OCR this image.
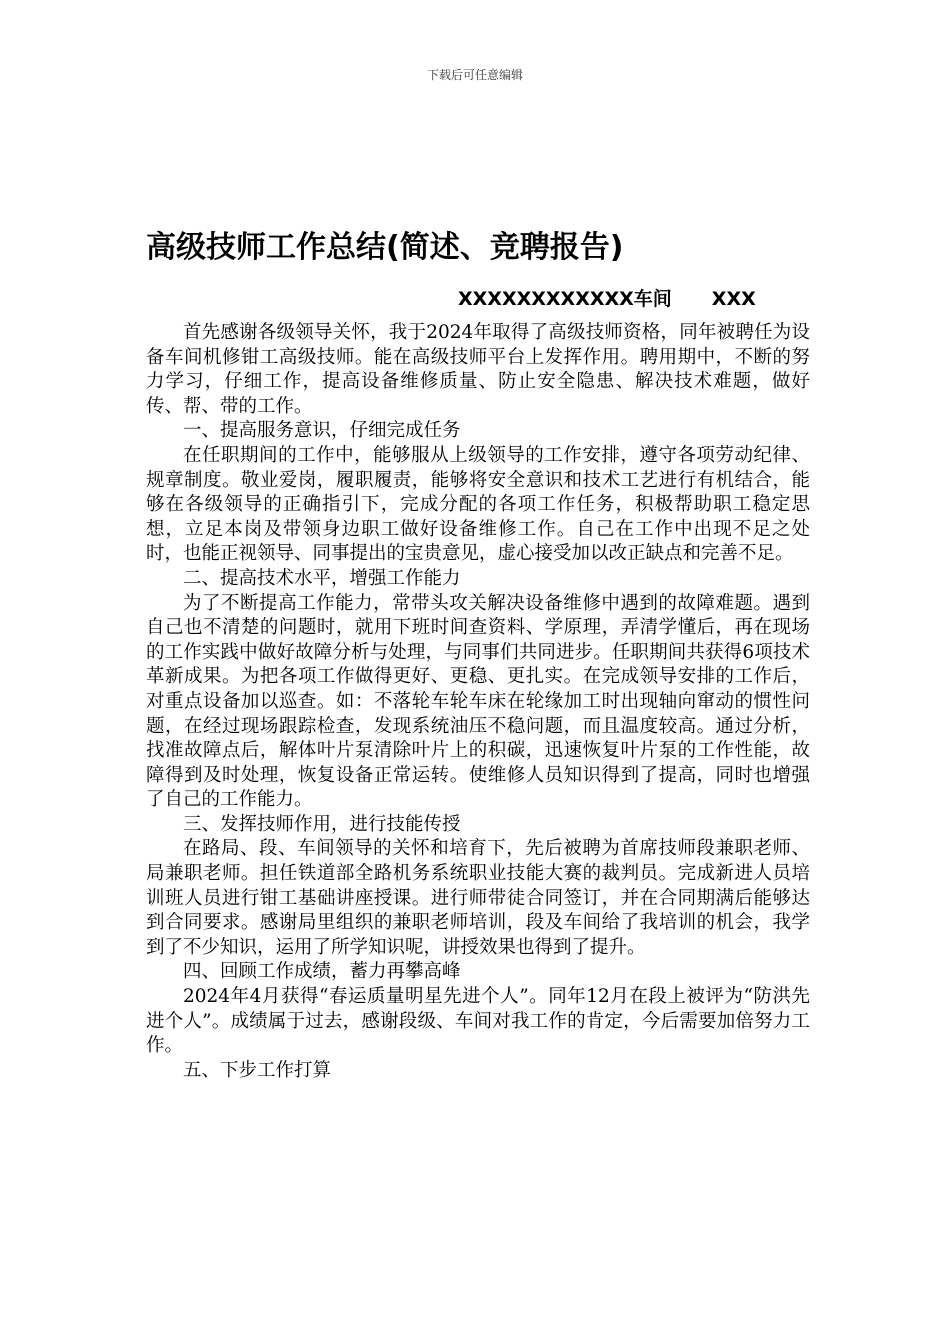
下载后可任意编辑
高级技师工作总结(简述、竞聘报告)
XXXXXXXXXXXX车间 XXX

首先感谢各级领导关怀，我于2024年取得了高级技师资格，同年被聘任为设备车间机修钳工高级技师。能在高级技师平台上发挥作用。聘用期中，不断的努力学习，仔细工作，提高设备维修质量、防止安全隐患、解决技术难题，做好传、帮、带的工作。

一、提高服务意识，仔细完成任务

在任职期间的工作中，能够服从上级领导的工作安排，遵守各项劳动纪律、规章制度。敬业爱岗，履职履责，能够将安全意识和技术工艺进行有机结合，能够在各级领导的正确指引下，完成分配的各项工作任务，积极帮助职工稳定思想，立足本岗及带领身边职工做好设备维修工作。自己在工作中出现不足之处时，也能正视领导、同事提出的宝贵意见，虚心接受加以改正缺点和完善不足。

二、提高技术水平，增强工作能力

为了不断提高工作能力，常带头攻关解决设备维修中遇到的故障难题。遇到自己也不清楚的问题时，就用下班时间查资料、学原理，弄清学懂后，再在现场的工作实践中做好故障分析与处理，与同事们共同进步。任职期间共获得6项技术革新成果。为把各项工作做得更好、更稳、更扎实。在完成领导安排的工作后，对重点设备加以巡查。如：不落轮车轮车床在轮缘加工时出现轴向窜动的惯性问题，在经过现场跟踪检查，发现系统油压不稳问题，而且温度较高。通过分析，找准故障点后，解体叶片泵清除叶片上的积碳，迅速恢复叶片泵的工作性能，故障得到及时处理，恢复设备正常运转。使维修人员知识得到了提高，同时也增强了自己的工作能力。

三、发挥技师作用，进行技能传授

在路局、段、车间领导的关怀和培育下，先后被聘为首席技师段兼职老师、局兼职老师。担任铁道部全路机务系统职业技能大赛的裁判员。完成新进人员培训班人员进行钳工基础讲座授课。进行师带徒合同签订，并在合同期满后能够达到合同要求。感谢局里组织的兼职老师培训，段及车间给了我培训的机会，我学到了不少知识，运用了所学知识呢，讲授效果也得到了提升。

四、回顾工作成绩，蓄力再攀高峰

2024年4月获得“春运质量明星先进个人”。同年12月在段上被评为“防洪先进个人”。成绩属于过去，感谢段级、车间对我工作的肯定，今后需要加倍努力工作。

五、下步工作打算
